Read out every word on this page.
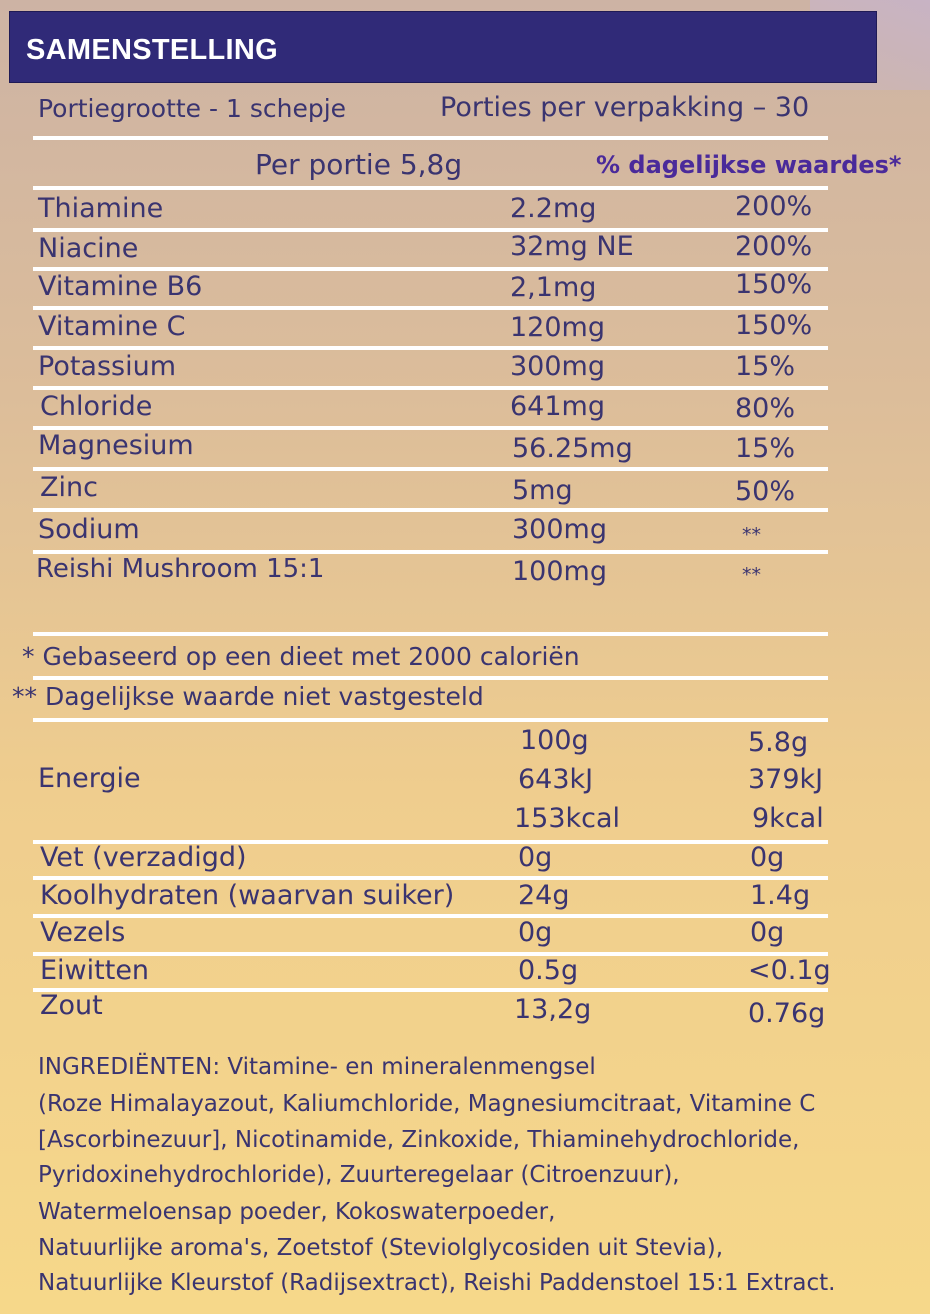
SAMENSTELLING
Portiegrootte - 1 schepje	Porties per verpakking – 30
Per portie 5,8g	% dagelijkse waardes*
Thiamine	2.2mg	200%
Niacine	32mg NE	200%
Vitamine B6	2,1mg	150%
Vitamine C	120mg	150%
Potassium	300mg	15%
Chloride	641mg	80%
Magnesium	56.25mg	15%
Zinc	5mg	50%
Sodium	300mg	**
Reishi Mushroom 15:1	100mg	**
* Gebaseerd op een dieet met 2000 caloriën
** Dagelijkse waarde niet vastgesteld
100g	5.8g
Energie	643kJ	379kJ
153kcal	9kcal
Vet (verzadigd)	0g	0g
Koolhydraten (waarvan suiker) 24g	1.4g
Vezels	0g	0g
Eiwitten	0.5g	<0.1g
Zout	13,2g	0.76g
INGREDIËNTEN: Vitamine- en mineralenmengsel
(Roze Himalayazout, Kaliumchloride, Magnesiumcitraat, Vitamine C
[Ascorbinezuur], Nicotinamide, Zinkoxide, Thiaminehydrochloride,
Pyridoxinehydrochloride), Zuurteregelaar (Citroenzuur),
Watermeloensap poeder, Kokoswaterpoeder,
Natuurlijke aroma's, Zoetstof (Steviolglycosiden uit Stevia),
Natuurlijke Kleurstof (Radijsextract), Reishi Paddenstoel 15:1 Extract.
